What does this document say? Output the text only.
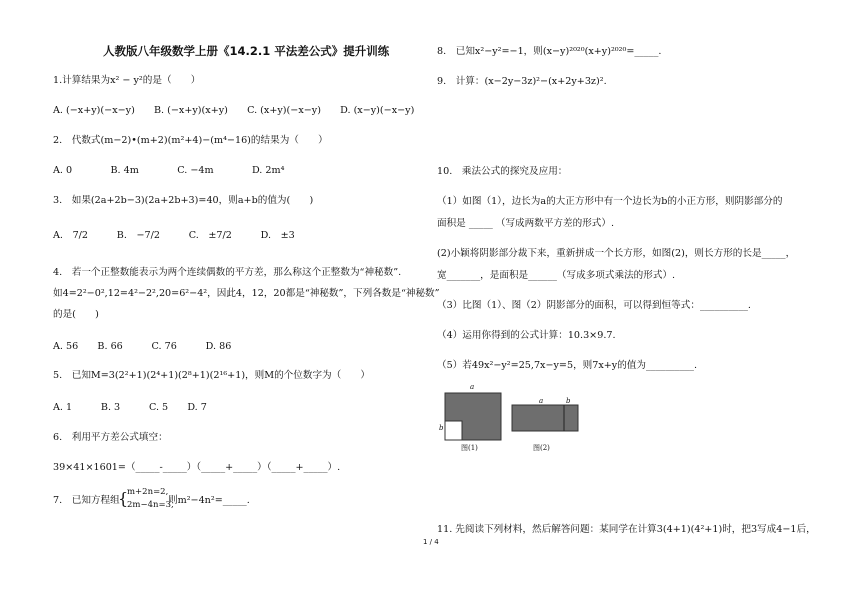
人教版八年级数学上册《14.2.1 平法差公式》提升训练
1.计算结果为x² − y²的是（　　）
A. (−x+y)(−x−y)　　B. (−x+y)(x+y)　　C. (x+y)(−x−y)　　D. (x−y)(−x−y)
2.　代数式(m−2)•(m+2)(m²+4)−(m⁴−16)的结果为（　　）
A. 0　　　　B. 4m　　　　C. −4m　　　　D. 2m⁴
3.　如果(2a+2b−3)(2a+2b+3)=40，则a+b的值为(　　)
A.　7/2　　　B.　−7/2　　　C.　±7/2　　　D.　±3
4.　若一个正整数能表示为两个连续偶数的平方差，那么称这个正整数为“神秘数”.
如4=2²−0²,12=4²−2²,20=6²−4²，因此4，12，20都是“神秘数”，下列各数是“神秘数”
的是(　　)
A. 56　　B. 66　　　C. 76　　　D. 86
5.　已知M=3(2²+1)(2⁴+1)(2⁸+1)(2¹⁶+1)，则M的个位数字为（　　）
A. 1　　　B. 3　　　C. 5　　D. 7
6.　利用平方差公式填空：
39×41×1601=（_____-_____）（_____+_____）（_____+_____）.
7.　已知方程组
{
m+2n=2,
2m−4n=3,
则m²−4n²=_____.
8.　已知x²−y²=−1，则(x−y)²⁰²⁰(x+y)²⁰²⁰=_____.
9.　计算：(x−2y−3z)²−(x+2y+3z)².
10.　乘法公式的探究及应用：
（1）如图（1），边长为a的大正方形中有一个边长为b的小正方形，则阴影部分的
面积是 _____ （写成两数平方差的形式）.
(2)小颖将阴影部分裁下来，重新拼成一个长方形，如图(2)，则长方形的长是_____，
宽_______，是面积是______（写成多项式乘法的形式）.
（3）比图（1）、图（2）阴影部分的面积，可以得到恒等式：__________.
（4）运用你得到的公式计算：10.3×9.7.
（5）若49x²−y²=25,7x−y=5，则7x+y的值为__________.
a
b
图(1)
a	b
图(2)
11. 先阅读下列材料，然后解答问题：某同学在计算3(4+1)(4²+1)时，把3写成4−1后，
1 / 4
